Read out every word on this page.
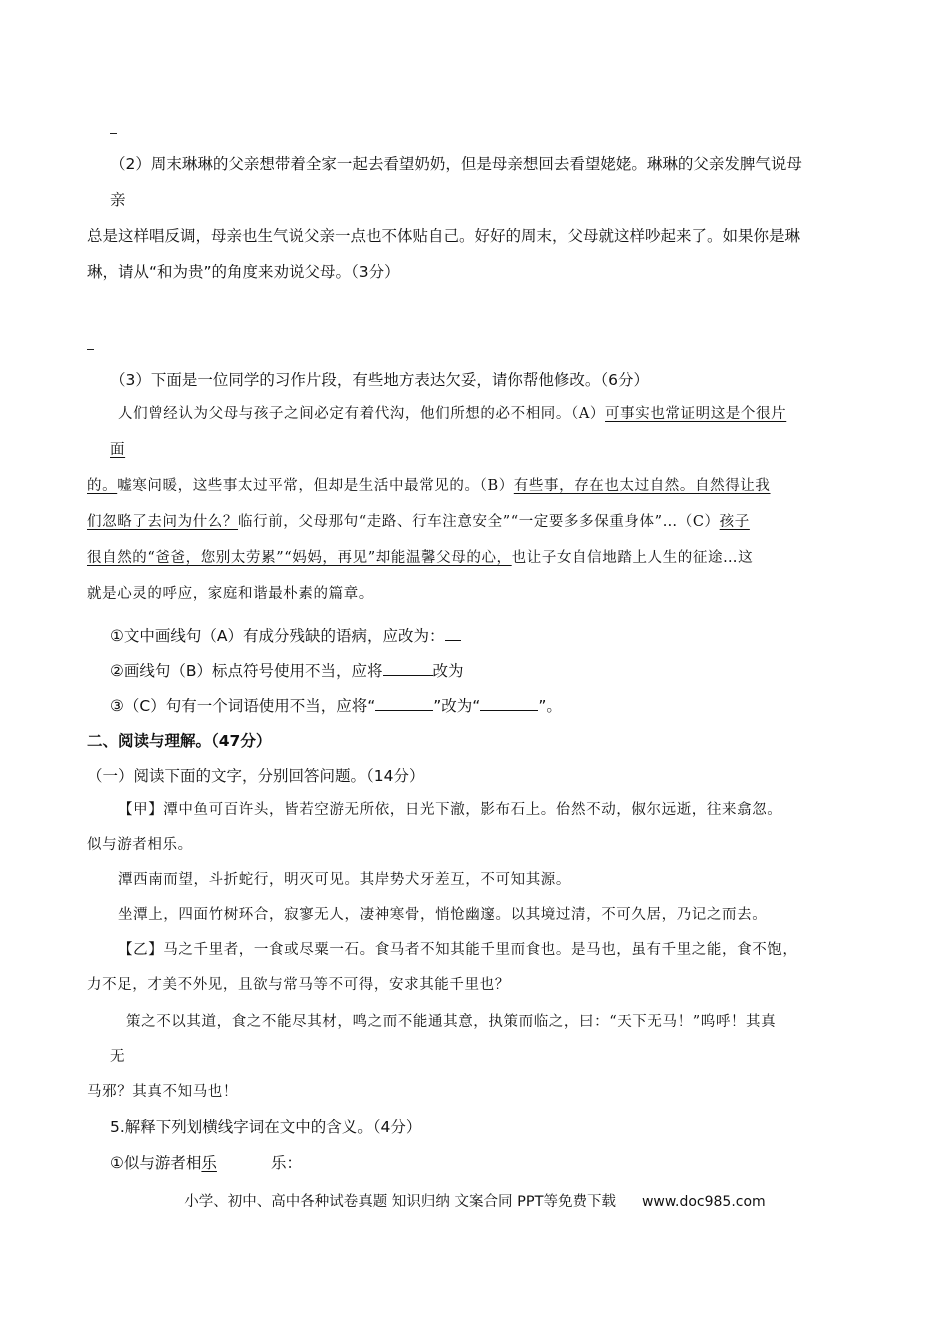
（2）周末琳琳的父亲想带着全家一起去看望奶奶，但是母亲想回去看望姥姥。琳琳的父亲发脾气说母
亲
总是这样唱反调，母亲也生气说父亲一点也不体贴自己。好好的周末，父母就这样吵起来了。如果你是琳
琳，请从“和为贵”的角度来劝说父母。（3分）
（3）下面是一位同学的习作片段，有些地方表达欠妥，请你帮他修改。（6分）
人们曾经认为父母与孩子之间必定有着代沟，他们所想的必不相同。（A）可事实也常证明这是个很片
面
的。嘘寒问暖，这些事太过平常，但却是生活中最常见的。（B）有些事，存在也太过自然。自然得让我
们忽略了去问为什么？临行前，父母那句“走路、行车注意安全”“一定要多多保重身体”…（C）孩子
很自然的“爸爸，您别太劳累”“妈妈，再见”却能温馨父母的心，也让子女自信地踏上人生的征途…这
就是心灵的呼应，家庭和谐最朴素的篇章。
①文中画线句（A）有成分残缺的语病，应改为：
②画线句（B）标点符号使用不当，应将	改为
③（C）句有一个词语使用不当，应将“	”改为“	”。
二、阅读与理解。（47分）
（一）阅读下面的文字，分别回答问题。（14分）
【甲】潭中鱼可百许头，皆若空游无所依，日光下澈，影布石上。佁然不动，俶尔远逝，往来翕忽。
似与游者相乐。
潭西南而望，斗折蛇行，明灭可见。其岸势犬牙差互，不可知其源。
坐潭上，四面竹树环合，寂寥无人，凄神寒骨，悄怆幽邃。以其境过清，不可久居，乃记之而去。
【乙】马之千里者，一食或尽粟一石。食马者不知其能千里而食也。是马也，虽有千里之能，食不饱，
力不足，才美不外见，且欲与常马等不可得，安求其能千里也？
策之不以其道，食之不能尽其材，鸣之而不能通其意，执策而临之，曰：“天下无马！”呜呼！其真
无
马邪？其真不知马也！
5.解释下列划横线字词在文中的含义。（4分）
①似与游者相乐	乐：
小学、初中、高中各种试卷真题 知识归纳 文案合同 PPT等免费下载 www.doc985.com
